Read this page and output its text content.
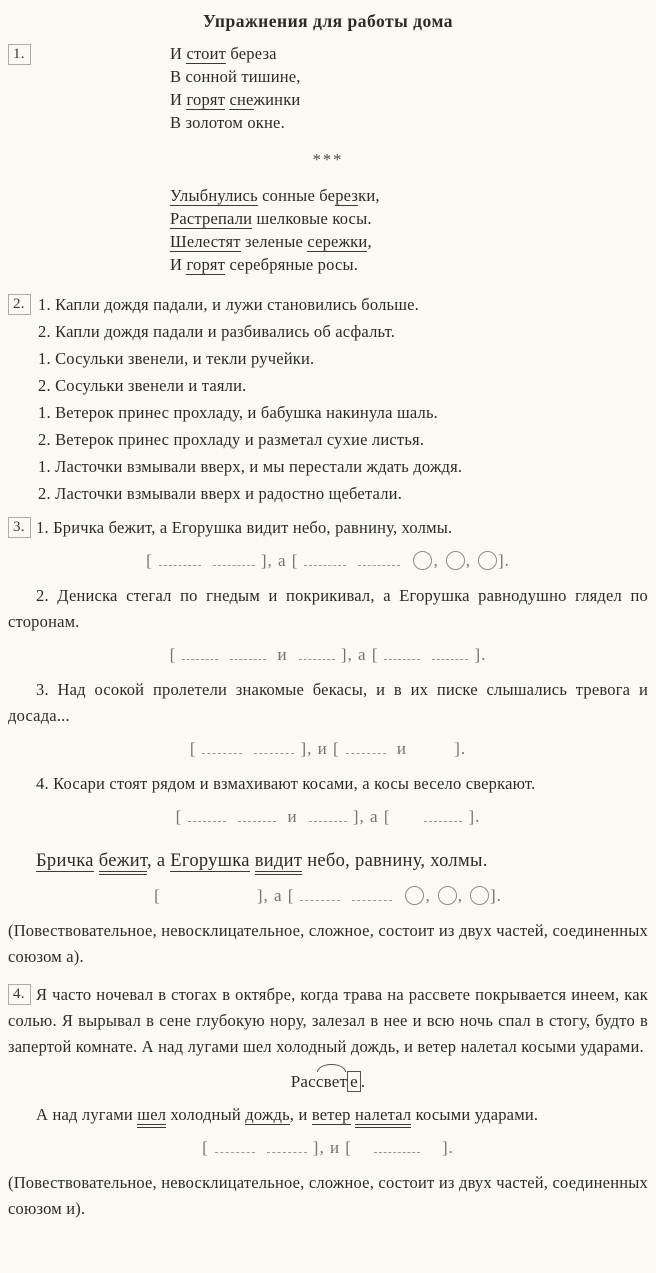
Упражнения для работы дома
1.	И стоит береза
В сонной тишине,
И горят снежинки
В золотом окне.
***
Улыбнулись сонные березки,
Растрепали шелковые косы.
Шелестят зеленые сережки,
И горят серебряные росы.
2. 1. Капли дождя падали, и лужи становились больше.
2. Капли дождя падали и разбивались об асфальт.
1. Сосульки звенели, и текли ручейки.
2. Сосульки звенели и таяли.
1. Ветерок принес прохладу, и бабушка накинула шаль.
2. Ветерок принес прохладу и разметал сухие листья.
1. Ласточки взмывали вверх, и мы перестали ждать дождя.
2. Ласточки взмывали вверх и радостно щебетали.
3. 1. Бричка бежит, а Егорушка видит небо, равнину, холмы.

[	], а [	, , ].

2. Дениска стегал по гнедым и покрикивал, а Егорушка равнодушно глядел по сторонам.

[	и	], а [	].

3. Над осокой пролетели знакомые бекасы, и в их писке слышались тревога и досада...

[	], и [	и ].

4. Косари стоят рядом и взмахивают косами, а косы весело сверкают.

[	и	], а [	].
Бричка бежит, а Егорушка видит небо, равнину, холмы.
[	], а [	, , ].

(Повествовательное, невосклицательное, сложное, состоит из двух частей, соединенных союзом а).

4. Я часто ночевал в стогах в октябре, когда трава на рассвете покрывается инеем, как солью. Я вырывал в сене глубокую нору, залезал в нее и всю ночь спал в стогу, будто в запертой комнате. А над лугами шел холодный дождь, и ветер налетал косыми ударами.

Рассвет е .

А над лугами шел холодный дождь, и ветер налетал косыми ударами.

[	], и [	].

(Повествовательное, невосклицательное, сложное, состоит из двух частей, соединенных союзом и).
